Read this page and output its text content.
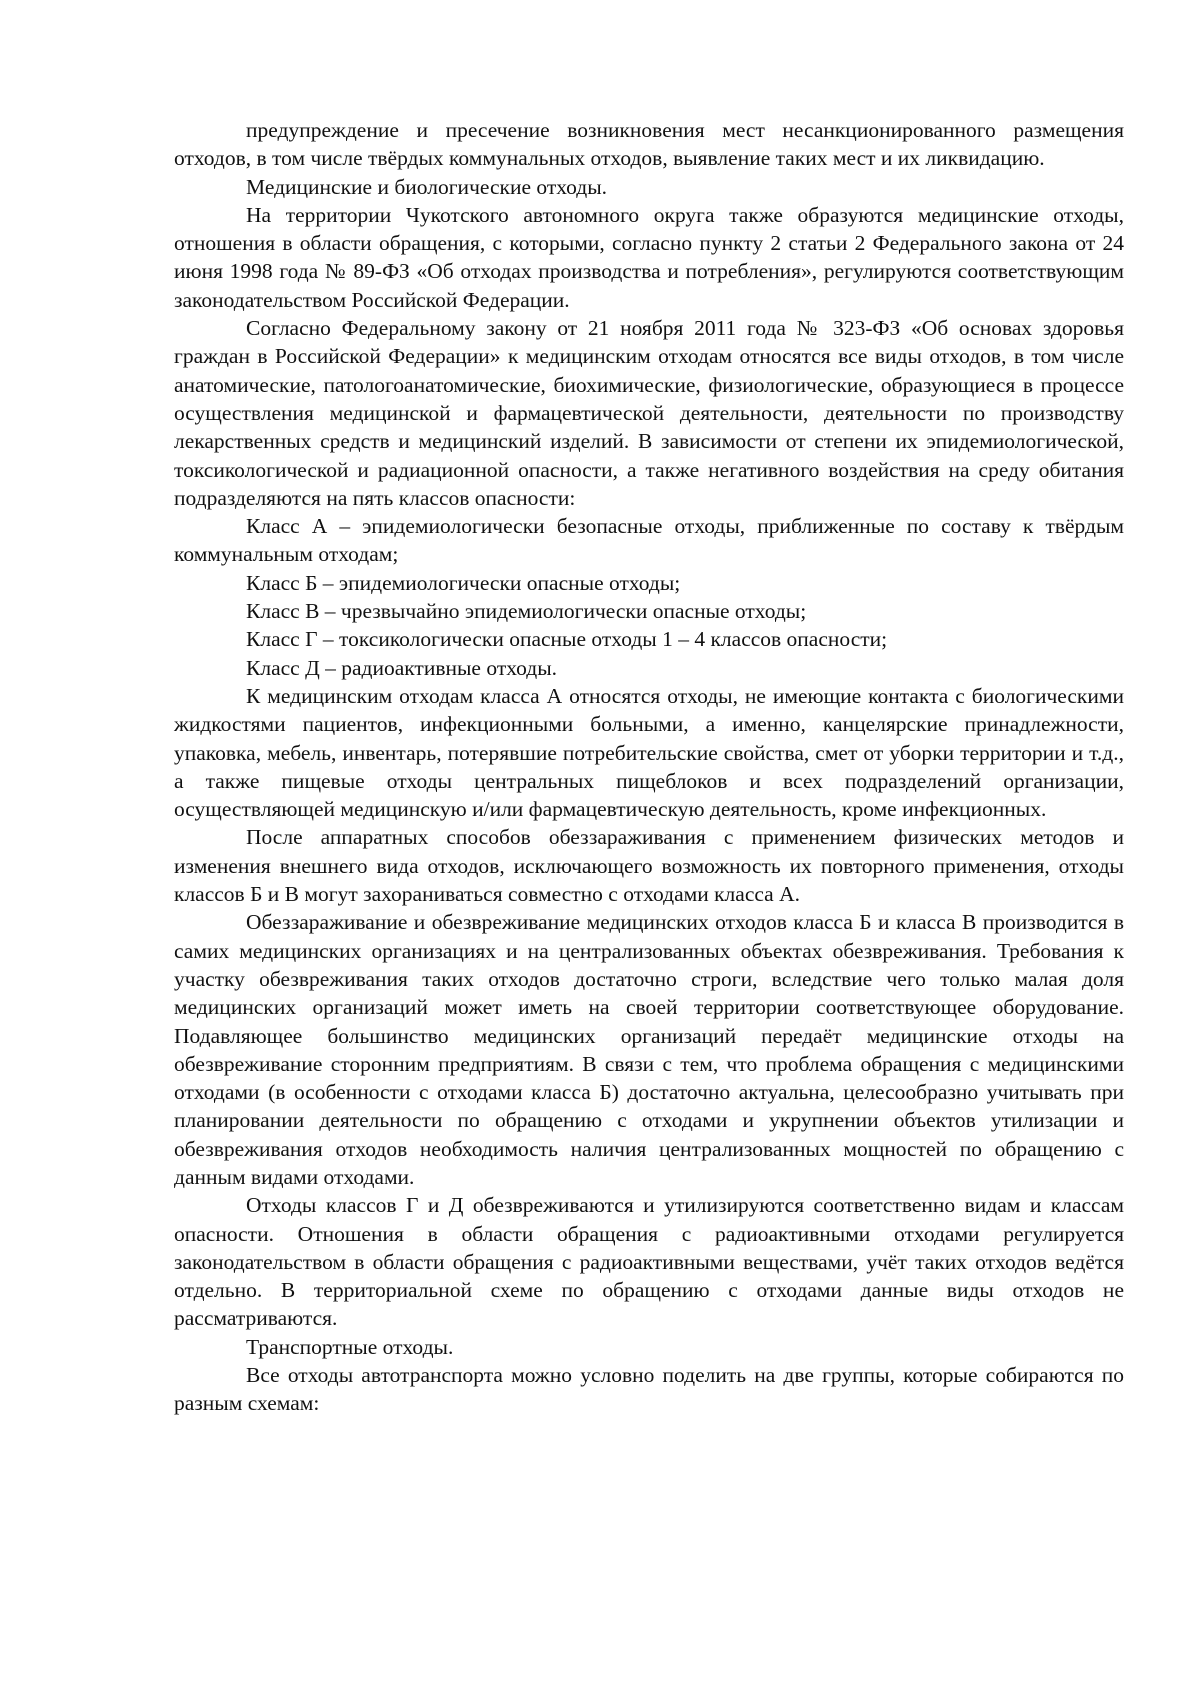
предупреждение и пресечение возникновения мест несанкционированного размещения отходов, в том числе твёрдых коммунальных отходов, выявление таких мест и их ликвидацию.

Медицинские и биологические отходы.

На территории Чукотского автономного округа также образуются медицинские отходы, отношения в области обращения, с которыми, согласно пункту 2 статьи 2 Федерального закона от 24 июня 1998 года № 89-ФЗ «Об отходах производства и потребления», регулируются соответствующим законодательством Российской Федерации.

Согласно Федеральному закону от 21 ноября 2011 года № 323-ФЗ «Об основах здоровья граждан в Российской Федерации» к медицинским отходам относятся все виды отходов, в том числе анатомические, патологоанатомические, биохимические, физиологические, образующиеся в процессе осуществления медицинской и фармацевтической деятельности, деятельности по производству лекарственных средств и медицинский изделий. В зависимости от степени их эпидемиологической, токсикологической и радиационной опасности, а также негативного воздействия на среду обитания подразделяются на пять классов опасности:

Класс А – эпидемиологически безопасные отходы, приближенные по составу к твёрдым коммунальным отходам;

Класс Б – эпидемиологически опасные отходы;

Класс В – чрезвычайно эпидемиологически опасные отходы;

Класс Г – токсикологически опасные отходы 1 – 4 классов опасности;

Класс Д – радиоактивные отходы.

К медицинским отходам класса А относятся отходы, не имеющие контакта с биологическими жидкостями пациентов, инфекционными больными, а именно, канцелярские принадлежности, упаковка, мебель, инвентарь, потерявшие потребительские свойства, смет от уборки территории и т.д., а также пищевые отходы центральных пищеблоков и всех подразделений организации, осуществляющей медицинскую и/или фармацевтическую деятельность, кроме инфекционных.

После аппаратных способов обеззараживания с применением физических методов и изменения внешнего вида отходов, исключающего возможность их повторного применения, отходы классов Б и В могут захораниваться совместно с отходами класса А.

Обеззараживание и обезвреживание медицинских отходов класса Б и класса В производится в самих медицинских организациях и на централизованных объектах обезвреживания. Требования к участку обезвреживания таких отходов достаточно строги, вследствие чего только малая доля медицинских организаций может иметь на своей территории соответствующее оборудование. Подавляющее большинство медицинских организаций передаёт медицинские отходы на обезвреживание сторонним предприятиям. В связи с тем, что проблема обращения с медицинскими отходами (в особенности с отходами класса Б) достаточно актуальна, целесообразно учитывать при планировании деятельности по обращению с отходами и укрупнении объектов утилизации и обезвреживания отходов необходимость наличия централизованных мощностей по обращению с данным видами отходами.

Отходы классов Г и Д обезвреживаются и утилизируются соответственно видам и классам опасности. Отношения в области обращения с радиоактивными отходами регулируется законодательством в области обращения с радиоактивными веществами, учёт таких отходов ведётся отдельно. В территориальной схеме по обращению с отходами данные виды отходов не рассматриваются.

Транспортные отходы.

Все отходы автотранспорта можно условно поделить на две группы, которые собираются по разным схемам:
